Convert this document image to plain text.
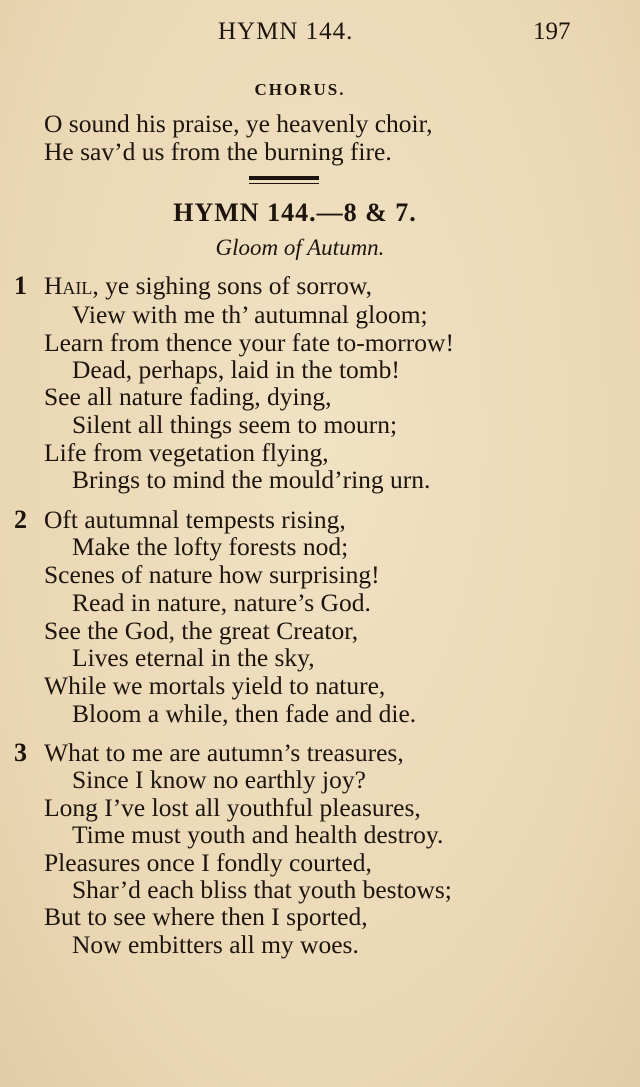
HYMN 144.	197
CHORUS.
O sound his praise, ye heavenly choir,
He sav’d us from the burning fire.
HYMN 144.—8 & 7.
Gloom of Autumn.
1 Hail, ye sighing sons of sorrow,
View with me th’ autumnal gloom;
Learn from thence your fate to-morrow!
Dead, perhaps, laid in the tomb!
See all nature fading, dying,
Silent all things seem to mourn;
Life from vegetation flying,
Brings to mind the mould’ring urn.
2 Oft autumnal tempests rising,
Make the lofty forests nod;
Scenes of nature how surprising!
Read in nature, nature’s God.
See the God, the great Creator,
Lives eternal in the sky,
While we mortals yield to nature,
Bloom a while, then fade and die.
3 What to me are autumn’s treasures,
Since I know no earthly joy?
Long I’ve lost all youthful pleasures,
Time must youth and health destroy.
Pleasures once I fondly courted,
Shar’d each bliss that youth bestows;
But to see where then I sported,
Now embitters all my woes.
